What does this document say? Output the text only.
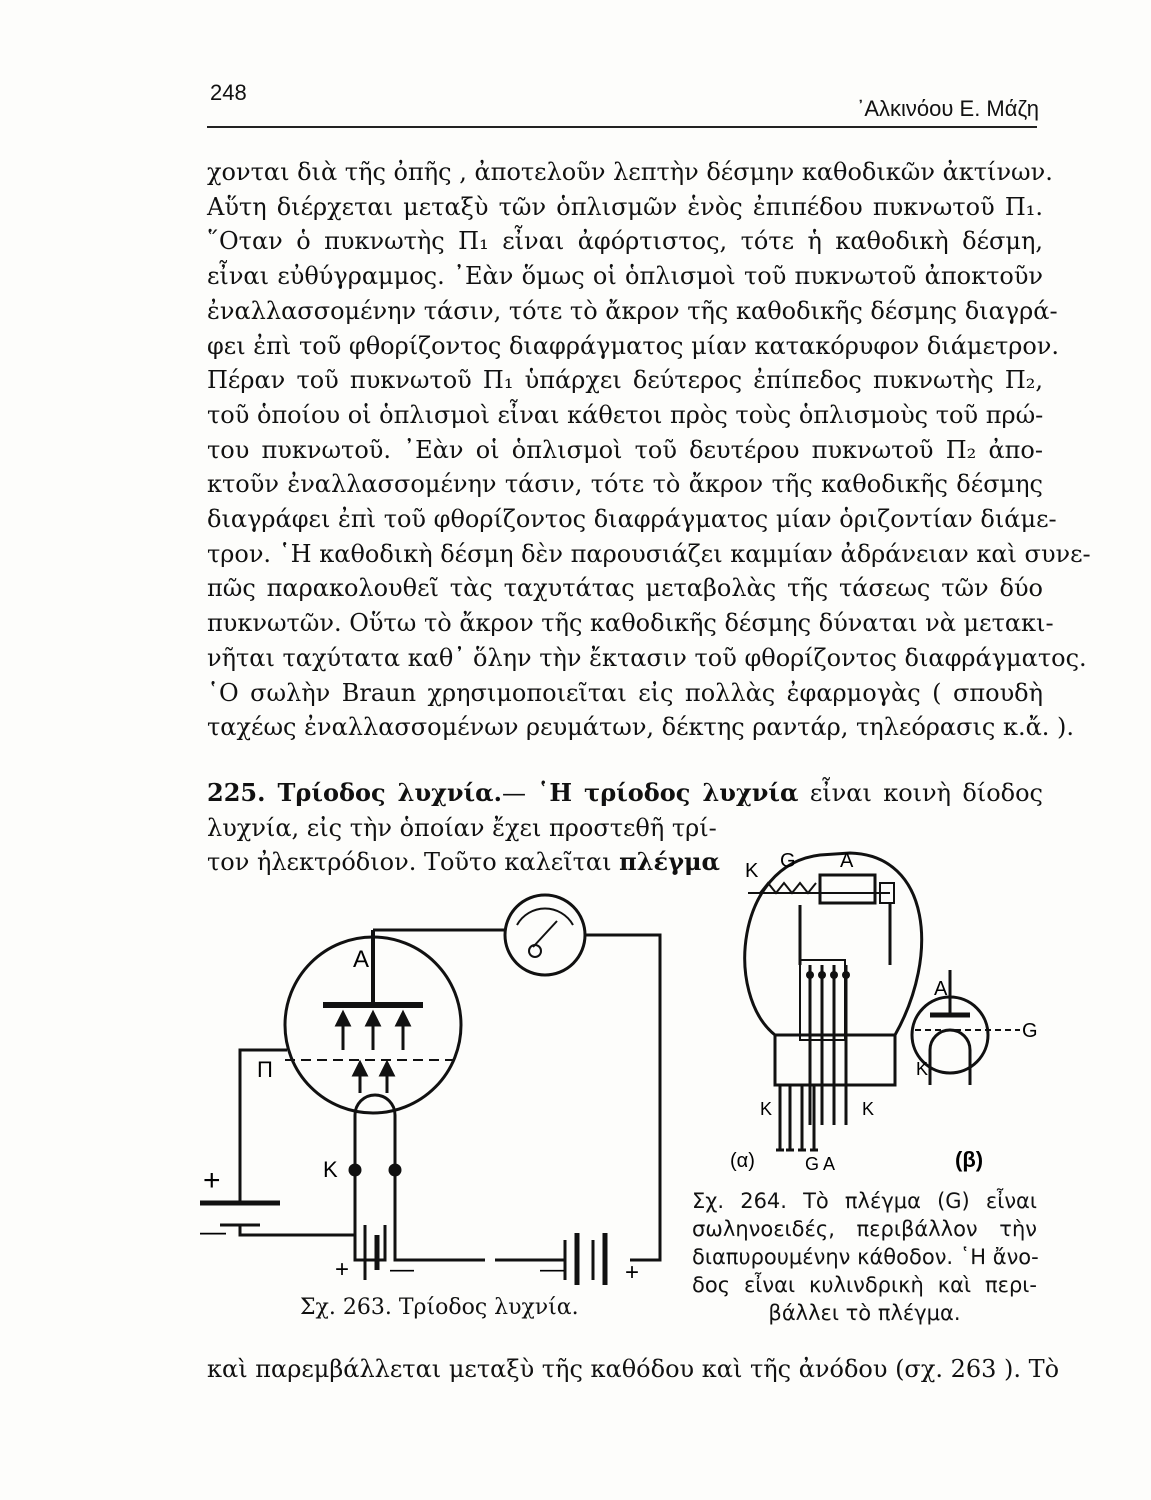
248
᾽Αλκινόου Ε. Μάζη
χονται διὰ τῆς ὀπῆς , ἀποτελοῦν λεπτὴν δέσμην καθοδικῶν ἀκτίνων.
Αὕτη διέρχεται μεταξὺ τῶν ὁπλισμῶν ἑνὸς ἐπιπέδου πυκνωτοῦ Π₁.
῞Οταν ὁ πυκνωτὴς Π₁ εἶναι ἀφόρτιστος, τότε ἡ καθοδικὴ δέσμη,
εἶναι εὐθύγραμμος. ᾽Εὰν ὅμως οἱ ὁπλισμοὶ τοῦ πυκνωτοῦ ἀποκτοῦν
ἐναλλασσομένην τάσιν, τότε τὸ ἄκρον τῆς καθοδικῆς δέσμης διαγρά-
φει ἐπὶ τοῦ φθορίζοντος διαφράγματος μίαν κατακόρυφον διάμετρον.
Πέραν τοῦ πυκνωτοῦ Π₁ ὑπάρχει δεύτερος ἐπίπεδος πυκνωτὴς Π₂,
τοῦ ὁποίου οἱ ὁπλισμοὶ εἶναι κάθετοι πρὸς τοὺς ὁπλισμοὺς τοῦ πρώ-
του πυκνωτοῦ. ᾽Εὰν οἱ ὁπλισμοὶ τοῦ δευτέρου πυκνωτοῦ Π₂ ἀπο-
κτοῦν ἐναλλασσομένην τάσιν, τότε τὸ ἄκρον τῆς καθοδικῆς δέσμης
διαγράφει ἐπὶ τοῦ φθορίζοντος διαφράγματος μίαν ὁριζοντίαν διάμε-
τρον. ῾Η καθοδικὴ δέσμη δὲν παρουσιάζει καμμίαν ἀδράνειαν καὶ συνε-
πῶς παρακολουθεῖ τὰς ταχυτάτας μεταβολὰς τῆς τάσεως τῶν δύο
πυκνωτῶν. Οὕτω τὸ ἄκρον τῆς καθοδικῆς δέσμης δύναται νὰ μετακι-
νῆται ταχύτατα καθ᾽ ὅλην τὴν ἔκτασιν τοῦ φθορίζοντος διαφράγματος.
῾Ο σωλὴν Braun χρησιμοποιεῖται εἰς πολλὰς ἐφαρμογὰς ( σπουδὴ
ταχέως ἐναλλασσομένων ρευμάτων, δέκτης ραντάρ, τηλεόρασις κ.ἄ. ).
225. Τρίοδος λυχνία.— ῾Η τρίοδος λυχνία εἶναι κοινὴ δίοδος
λυχνία, εἰς τὴν ὁποίαν ἔχει προστεθῆ τρί-
τον ἠλεκτρόδιον. Τοῦτο καλεῖται πλέγμα
A
Π
K
+
—
+ —	—	+
Σχ. 263. Τρίοδος λυχνία.
K G A
K	K
(α)	G A	(β)
A
G
K
Σχ. 264. Τὸ πλέγμα (G) εἶναι
σωληνοειδές, περιβάλλον τὴν
διαπυρουμένην κάθοδον. ῾Η ἄνο-
δος εἶναι κυλινδρικὴ καὶ περι-
βάλλει τὸ πλέγμα.
καὶ παρεμβάλλεται μεταξὺ τῆς καθόδου καὶ τῆς ἀνόδου (σχ. 263 ). Τὸ
